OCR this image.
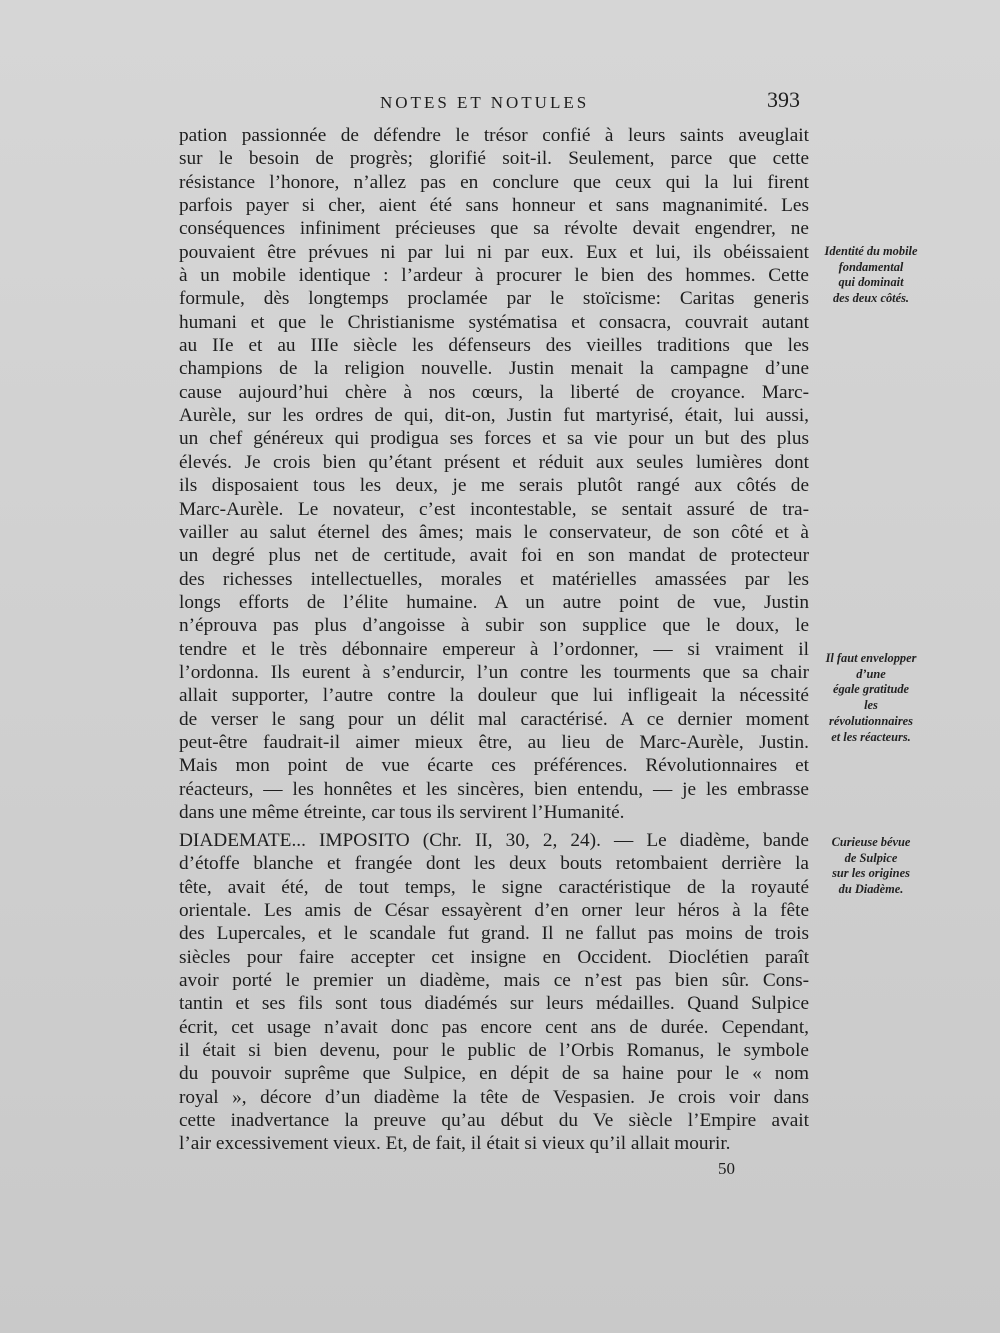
NOTES ET NOTULES	393
pation passionnée de défendre le trésor confié à leurs saints aveuglait
sur le besoin de progrès; glorifié soit-il. Seulement, parce que cette
résistance l’honore, n’allez pas en conclure que ceux qui la lui firent
parfois payer si cher, aient été sans honneur et sans magnanimité. Les
conséquences infiniment précieuses que sa révolte devait engendrer, ne
pouvaient être prévues ni par lui ni par eux. Eux et lui, ils obéissaient
à un mobile identique : l’ardeur à procurer le bien des hommes. Cette
formule, dès longtemps proclamée par le stoïcisme: Caritas generis
humani et que le Christianisme systématisa et consacra, couvrait autant
au IIe et au IIIe siècle les défenseurs des vieilles traditions que les
champions de la religion nouvelle. Justin menait la campagne d’une
cause aujourd’hui chère à nos cœurs, la liberté de croyance. Marc-
Aurèle, sur les ordres de qui, dit-on, Justin fut martyrisé, était, lui aussi,
un chef généreux qui prodigua ses forces et sa vie pour un but des plus
élevés. Je crois bien qu’étant présent et réduit aux seules lumières dont
ils disposaient tous les deux, je me serais plutôt rangé aux côtés de
Marc-Aurèle. Le novateur, c’est incontestable, se sentait assuré de tra-
vailler au salut éternel des âmes; mais le conservateur, de son côté et à
un degré plus net de certitude, avait foi en son mandat de protecteur
des richesses intellectuelles, morales et matérielles amassées par les
longs efforts de l’élite humaine. A un autre point de vue, Justin
n’éprouva pas plus d’angoisse à subir son supplice que le doux, le
tendre et le très débonnaire empereur à l’ordonner, — si vraiment il
l’ordonna. Ils eurent à s’endurcir, l’un contre les tourments que sa chair
allait supporter, l’autre contre la douleur que lui infligeait la nécessité
de verser le sang pour un délit mal caractérisé. A ce dernier moment
peut-être faudrait-il aimer mieux être, au lieu de Marc-Aurèle, Justin.
Mais mon point de vue écarte ces préférences. Révolutionnaires et
réacteurs, — les honnêtes et les sincères, bien entendu, — je les embrasse
dans une même étreinte, car tous ils servirent l’Humanité.
DIADEMATE... IMPOSITO (Chr. II, 30, 2, 24). — Le diadème, bande
d’étoffe blanche et frangée dont les deux bouts retombaient derrière la
tête, avait été, de tout temps, le signe caractéristique de la royauté
orientale. Les amis de César essayèrent d’en orner leur héros à la fête
des Lupercales, et le scandale fut grand. Il ne fallut pas moins de trois
siècles pour faire accepter cet insigne en Occident. Dioclétien paraît
avoir porté le premier un diadème, mais ce n’est pas bien sûr. Cons-
tantin et ses fils sont tous diadémés sur leurs médailles. Quand Sulpice
écrit, cet usage n’avait donc pas encore cent ans de durée. Cependant,
il était si bien devenu, pour le public de l’Orbis Romanus, le symbole
du pouvoir suprême que Sulpice, en dépit de sa haine pour le « nom
royal », décore d’un diadème la tête de Vespasien. Je crois voir dans
cette inadvertance la preuve qu’au début du Ve siècle l’Empire avait
l’air excessivement vieux. Et, de fait, il était si vieux qu’il allait mourir.
Identité du mobile
fondamental
qui dominait
des deux côtés.
Il faut envelopper
d’une
égale gratitude
les
révolutionnaires
et les réacteurs.
Curieuse bévue
de Sulpice
sur les origines
du Diadème.
50
